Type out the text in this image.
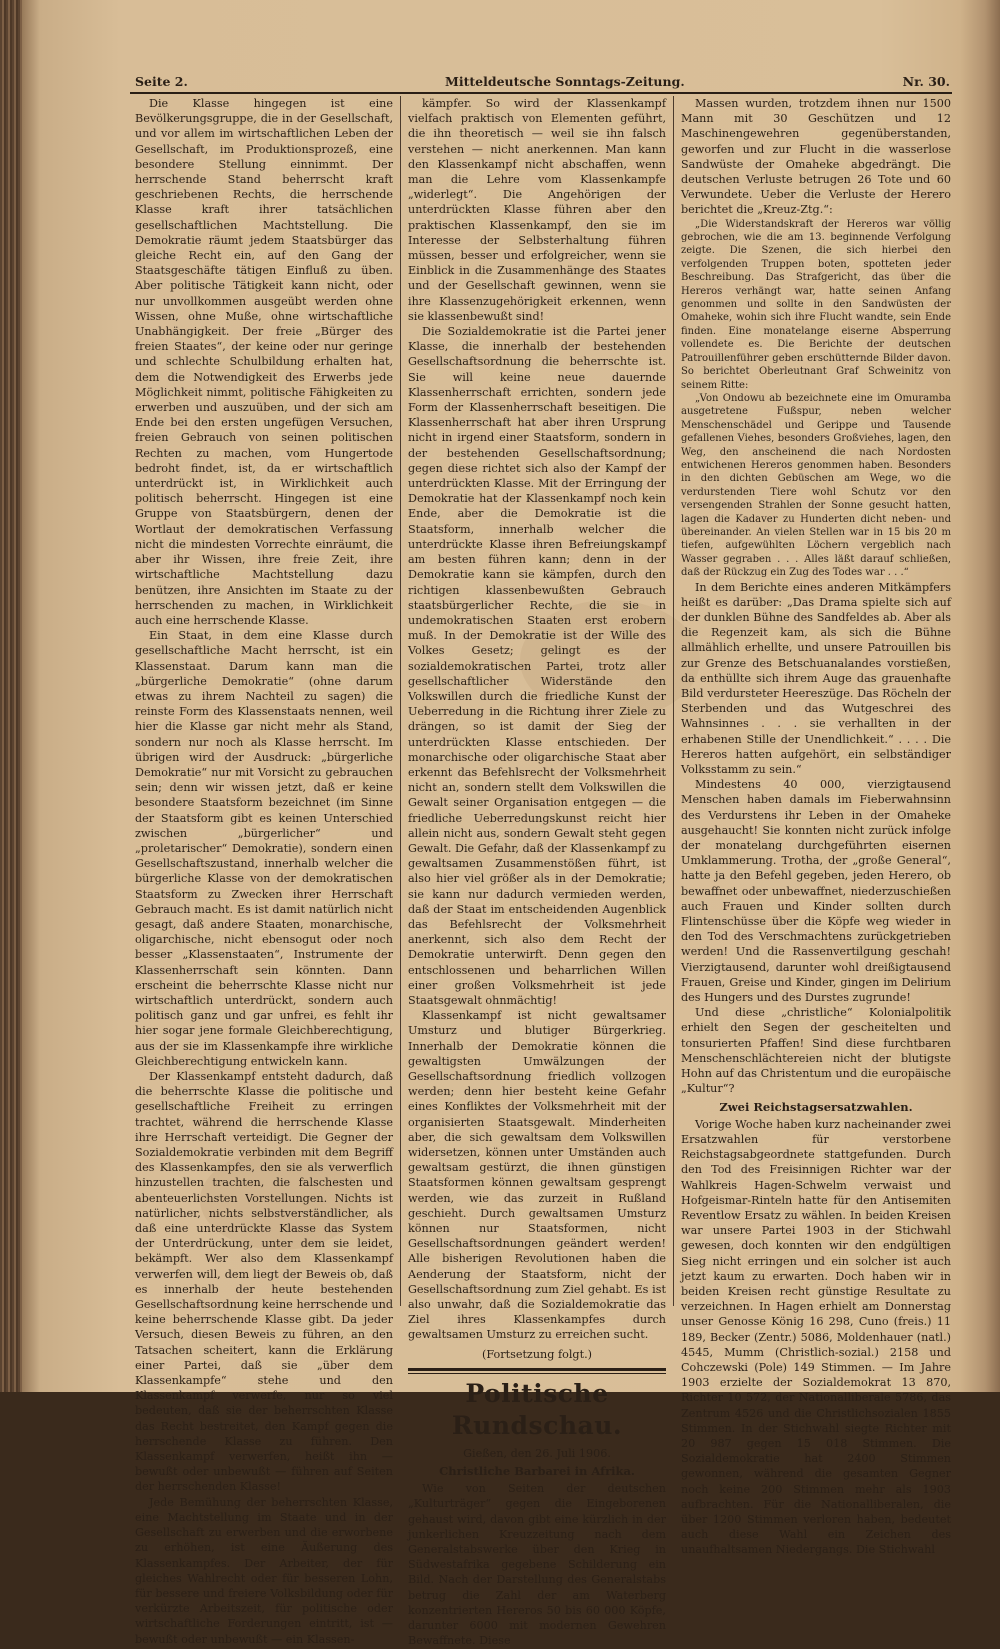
Seite 2.	Mitteldeutsche Sonntags-Zeitung.	Nr. 30.

Die Klasse hingegen ist eine Bevölkerungsgruppe, die in der Gesellschaft, und vor allem im wirtschaftlichen Leben der Gesellschaft, im Produktionsprozeß, eine besondere Stellung einnimmt. Der herrschende Stand beherrscht kraft geschriebenen Rechts, die herrschende Klasse kraft ihrer tatsächlichen gesellschaftlichen Machtstellung. Die Demokratie räumt jedem Staatsbürger das gleiche Recht ein, auf den Gang der Staatsgeschäfte tätigen Einfluß zu üben. Aber politische Tätigkeit kann nicht, oder nur unvollkommen ausgeübt werden ohne Wissen, ohne Muße, ohne wirtschaftliche Unabhängigkeit. Der freie „Bürger des freien Staates“, der keine oder nur geringe und schlechte Schulbildung erhalten hat, dem die Notwendigkeit des Erwerbs jede Möglichkeit nimmt, politische Fähigkeiten zu erwerben und auszuüben, und der sich am Ende bei den ersten ungefügen Versuchen, freien Gebrauch von seinen politischen Rechten zu machen, vom Hungertode bedroht findet, ist, da er wirtschaftlich unterdrückt ist, in Wirklichkeit auch politisch beherrscht. Hingegen ist eine Gruppe von Staatsbürgern, denen der Wortlaut der demokratischen Verfassung nicht die mindesten Vorrechte einräumt, die aber ihr Wissen, ihre freie Zeit, ihre wirtschaftliche Machtstellung dazu benützen, ihre Ansichten im Staate zu der herrschenden zu machen, in Wirklichkeit auch eine herrschende Klasse.

Ein Staat, in dem eine Klasse durch gesellschaftliche Macht herrscht, ist ein Klassenstaat. Darum kann man die „bürgerliche Demokratie“ (ohne darum etwas zu ihrem Nachteil zu sagen) die reinste Form des Klassenstaats nennen, weil hier die Klasse gar nicht mehr als Stand, sondern nur noch als Klasse herrscht. Im übrigen wird der Ausdruck: „bürgerliche Demokratie“ nur mit Vorsicht zu gebrauchen sein; denn wir wissen jetzt, daß er keine besondere Staatsform bezeichnet (im Sinne der Staatsform gibt es keinen Unterschied zwischen „bürgerlicher“ und „proletarischer“ Demokratie), sondern einen Gesellschaftszustand, innerhalb welcher die bürgerliche Klasse von der demokratischen Staatsform zu Zwecken ihrer Herrschaft Gebrauch macht. Es ist damit natürlich nicht gesagt, daß andere Staaten, monarchische, oligarchische, nicht ebensogut oder noch besser „Klassenstaaten“, Instrumente der Klassenherrschaft sein könnten. Dann erscheint die beherrschte Klasse nicht nur wirtschaftlich unterdrückt, sondern auch politisch ganz und gar unfrei, es fehlt ihr hier sogar jene formale Gleichberechtigung, aus der sie im Klassenkampfe ihre wirkliche Gleichberechtigung entwickeln kann.

Der Klassenkampf entsteht dadurch, daß die beherrschte Klasse die politische und gesellschaftliche Freiheit zu erringen trachtet, während die herrschende Klasse ihre Herrschaft verteidigt. Die Gegner der Sozialdemokratie verbinden mit dem Begriff des Klassenkampfes, den sie als verwerflich hinzustellen trachten, die falschesten und abenteuerlichsten Vorstellungen. Nichts ist natürlicher, nichts selbstverständlicher, als daß eine unterdrückte Klasse das System der Unterdrückung, unter dem sie leidet, bekämpft. Wer also dem Klassenkampf verwerfen will, dem liegt der Beweis ob, daß es innerhalb der heute bestehenden Gesellschaftsordnung keine herrschende und keine beherrschende Klasse gibt. Da jeder Versuch, diesen Beweis zu führen, an den Tatsachen scheitert, kann die Erklärung einer Partei, daß sie „über dem Klassenkampfe“ stehe und den Klassenkampf verwerfe, nur so viel bedeuten, daß sie der beherrschten Klasse das Recht bestreitet, den Kampf gegen die herrschende Klasse zu führen. Den Klassenkampf verwerfen, heißt ihn — bewußt oder unbewußt — führen auf Seiten der herrschenden Klasse!

Jede Bemühung der beherrschten Klasse, eine Machtstellung im Staate und in der Gesellschaft zu erwerben und die erworbene zu erhöhen, ist eine Äußerung des Klassenkampfes. Der Arbeiter, der für gleiches Wahlrecht oder für besseren Lohn, für bessere und freiere Volksbildung oder für verkürzte Arbeitszeit, für politische oder wirtschaftliche Forderungen eintritt, ist — bewußt oder unbewußt — ein Klassen-

kämpfer. So wird der Klassenkampf vielfach praktisch von Elementen geführt, die ihn theoretisch — weil sie ihn falsch verstehen — nicht anerkennen. Man kann den Klassenkampf nicht abschaffen, wenn man die Lehre vom Klassenkampfe „widerlegt“. Die Angehörigen der unterdrückten Klasse führen aber den praktischen Klassenkampf, den sie im Interesse der Selbsterhaltung führen müssen, besser und erfolgreicher, wenn sie Einblick in die Zusammenhänge des Staates und der Gesellschaft gewinnen, wenn sie ihre Klassenzugehörigkeit erkennen, wenn sie klassenbewußt sind!

Die Sozialdemokratie ist die Partei jener Klasse, die innerhalb der bestehenden Gesellschaftsordnung die beherrschte ist. Sie will keine neue dauernde Klassenherrschaft errichten, sondern jede Form der Klassenherrschaft beseitigen. Die Klassenherrschaft hat aber ihren Ursprung nicht in irgend einer Staatsform, sondern in der bestehenden Gesellschaftsordnung; gegen diese richtet sich also der Kampf der unterdrückten Klasse. Mit der Erringung der Demokratie hat der Klassenkampf noch kein Ende, aber die Demokratie ist die Staatsform, innerhalb welcher die unterdrückte Klasse ihren Befreiungskampf am besten führen kann; denn in der Demokratie kann sie kämpfen, durch den richtigen klassenbewußten Gebrauch staatsbürgerlicher Rechte, die sie in undemokratischen Staaten erst erobern muß. In der Demokratie ist der Wille des Volkes Gesetz; gelingt es der sozialdemokratischen Partei, trotz aller gesellschaftlicher Widerstände den Volkswillen durch die friedliche Kunst der Ueberredung in die Richtung ihrer Ziele zu drängen, so ist damit der Sieg der unterdrückten Klasse entschieden. Der monarchische oder oligarchische Staat aber erkennt das Befehlsrecht der Volksmehrheit nicht an, sondern stellt dem Volkswillen die Gewalt seiner Organisation entgegen — die friedliche Ueberredungskunst reicht hier allein nicht aus, sondern Gewalt steht gegen Gewalt. Die Gefahr, daß der Klassenkampf zu gewaltsamen Zusammenstößen führt, ist also hier viel größer als in der Demokratie; sie kann nur dadurch vermieden werden, daß der Staat im entscheidenden Augenblick das Befehlsrecht der Volksmehrheit anerkennt, sich also dem Recht der Demokratie unterwirft. Denn gegen den entschlossenen und beharrlichen Willen einer großen Volksmehrheit ist jede Staatsgewalt ohnmächtig!

Klassenkampf ist nicht gewaltsamer Umsturz und blutiger Bürgerkrieg. Innerhalb der Demokratie können die gewaltigsten Umwälzungen der Gesellschaftsordnung friedlich vollzogen werden; denn hier besteht keine Gefahr eines Konfliktes der Volksmehrheit mit der organisierten Staatsgewalt. Minderheiten aber, die sich gewaltsam dem Volkswillen widersetzen, können unter Umständen auch gewaltsam gestürzt, die ihnen günstigen Staatsformen können gewaltsam gesprengt werden, wie das zurzeit in Rußland geschieht. Durch gewaltsamen Umsturz können nur Staatsformen, nicht Gesellschaftsordnungen geändert werden! Alle bisherigen Revolutionen haben die Aenderung der Staatsform, nicht der Gesellschaftsordnung zum Ziel gehabt. Es ist also unwahr, daß die Sozialdemokratie das Ziel ihres Klassenkampfes durch gewaltsamen Umsturz zu erreichen sucht.

(Fortsetzung folgt.)

Politische Rundschau.

Gießen, den 26. Juli 1906.

Christliche Barbarei in Afrika.

Wie von Seiten der deutschen „Kulturträger“ gegen die Eingeborenen gehaust wird, davon gibt eine kürzlich in der junkerlichen Kreuzzeitung nach dem Generalstabswerke über den Krieg in Südwestafrika gegebene Schilderung ein Bild. Nach der Darstellung des Generalstabs betrug die Zahl der am Waterberg konzentrierten Hereros 50 bis 60 000 Köpfe, darunter 6000 mit modernen Gewehren Bewaffnete. Diese

Massen wurden, trotzdem ihnen nur 1500 Mann mit 30 Geschützen und 12 Maschinengewehren gegenüberstanden, geworfen und zur Flucht in die wasserlose Sandwüste der Omaheke abgedrängt. Die deutschen Verluste betrugen 26 Tote und 60 Verwundete. Ueber die Verluste der Herero berichtet die „Kreuz-Ztg.“:

„Die Widerstandskraft der Hereros war völlig gebrochen, wie die am 13. beginnende Verfolgung zeigte. Die Szenen, die sich hierbei den verfolgenden Truppen boten, spotteten jeder Beschreibung. Das Strafgericht, das über die Hereros verhängt war, hatte seinen Anfang genommen und sollte in den Sandwüsten der Omaheke, wohin sich ihre Flucht wandte, sein Ende finden. Eine monatelange eiserne Absperrung vollendete es. Die Berichte der deutschen Patrouillenführer geben erschütternde Bilder davon. So berichtet Oberleutnant Graf Schweinitz von seinem Ritte:

„Von Ondowu ab bezeichnete eine im Omuramba ausgetretene Fußspur, neben welcher Menschenschädel und Gerippe und Tausende gefallenen Viehes, besonders Großviehes, lagen, den Weg, den anscheinend die nach Nordosten entwichenen Hereros genommen haben. Besonders in den dichten Gebüschen am Wege, wo die verdurstenden Tiere wohl Schutz vor den versengenden Strahlen der Sonne gesucht hatten, lagen die Kadaver zu Hunderten dicht neben- und übereinander. An vielen Stellen war in 15 bis 20 m tiefen, aufgewühlten Löchern vergeblich nach Wasser gegraben . . . Alles läßt darauf schließen, daß der Rückzug ein Zug des Todes war . . .“

In dem Berichte eines anderen Mitkämpfers heißt es darüber: „Das Drama spielte sich auf der dunklen Bühne des Sandfeldes ab. Aber als die Regenzeit kam, als sich die Bühne allmählich erhellte, und unsere Patrouillen bis zur Grenze des Betschuanalandes vorstießen, da enthüllte sich ihrem Auge das grauenhafte Bild verdursteter Heereszüge. Das Röcheln der Sterbenden und das Wutgeschrei des Wahnsinnes . . . sie verhallten in der erhabenen Stille der Unendlichkeit.“ . . . . Die Hereros hatten aufgehört, ein selbständiger Volksstamm zu sein.“

Mindestens 40 000, vierzigtausend Menschen haben damals im Fieberwahnsinn des Verdurstens ihr Leben in der Omaheke ausgehaucht! Sie konnten nicht zurück infolge der monatelang durchgeführten eisernen Umklammerung. Trotha, der „große General“, hatte ja den Befehl gegeben, jeden Herero, ob bewaffnet oder unbewaffnet, niederzuschießen auch Frauen und Kinder sollten durch Flintenschüsse über die Köpfe weg wieder in den Tod des Verschmachtens zurückgetrieben werden! Und die Rassenvertilgung geschah! Vierzigtausend, darunter wohl dreißigtausend Frauen, Greise und Kinder, gingen im Delirium des Hungers und des Durstes zugrunde!

Und diese „christliche“ Kolonialpolitik erhielt den Segen der gescheitelten und tonsurierten Pfaffen! Sind diese furchtbaren Menschenschlächtereien nicht der blutigste Hohn auf das Christentum und die europäische „Kultur“?

Zwei Reichstagsersatzwahlen.

Vorige Woche haben kurz nacheinander zwei Ersatzwahlen für verstorbene Reichstagsabgeordnete stattgefunden. Durch den Tod des Freisinnigen Richter war der Wahlkreis Hagen-Schwelm verwaist und Hofgeismar-Rinteln hatte für den Antisemiten Reventlow Ersatz zu wählen. In beiden Kreisen war unsere Partei 1903 in der Stichwahl gewesen, doch konnten wir den endgültigen Sieg nicht erringen und ein solcher ist auch jetzt kaum zu erwarten. Doch haben wir in beiden Kreisen recht günstige Resultate zu verzeichnen. In Hagen erhielt am Donnerstag unser Genosse König 16 298, Cuno (freis.) 11 189, Becker (Zentr.) 5086, Moldenhauer (natl.) 4545, Mumm (Christlich-sozial.) 2158 und Cohczewski (Pole) 149 Stimmen. — Im Jahre 1903 erzielte der Sozialdemokrat 13 870, Richter 10 572, der Nationalliberale 5786, das Zentrum 4526 und die Christlichsozialen 1855 Stimmen. In der Stichwahl siegte Richter mit 20 987 gegen 15 018 Stimmen. Die Sozialdemokratie hat 2400 Stimmen gewonnen, während die gesamten Gegner noch keine 200 Stimmen mehr als 1903 aufbrachten. Für die Nationalliberalen, die über 1200 Stimmen verloren haben, bedeutet auch diese Wahl ein Zeichen des unaufhaltsamen Niedergangs. Die Stichwahl
